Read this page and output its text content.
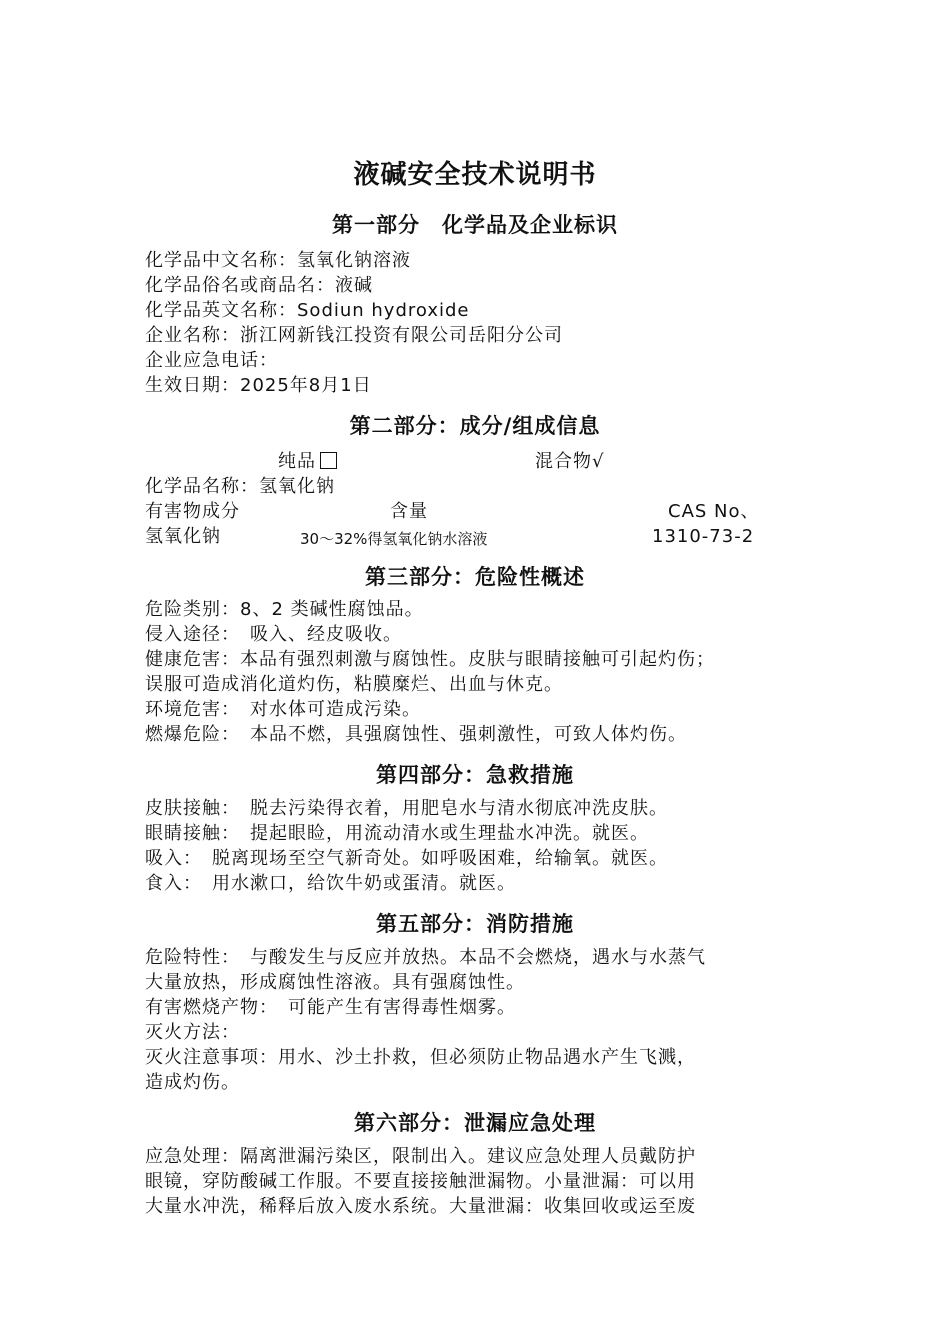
液碱安全技术说明书
第一部分　化学品及企业标识
化学品中文名称：氢氧化钠溶液
化学品俗名或商品名：液碱
化学品英文名称：Sodiun hydroxide
企业名称：浙江网新钱江投资有限公司岳阳分公司
企业应急电话：
生效日期：2025年8月1日
第二部分：成分/组成信息
纯品	混合物√
化学品名称：氢氧化钠
有害物成分	含量	CAS No、
氢氧化钠	30～32%得氢氧化钠水溶液	1310-73-2
第三部分：危险性概述
危险类别：8、2 类碱性腐蚀品。
侵入途径：　吸入、经皮吸收。
健康危害：本品有强烈刺激与腐蚀性。皮肤与眼睛接触可引起灼伤；
误服可造成消化道灼伤，粘膜糜烂、出血与休克。
环境危害：　对水体可造成污染。
燃爆危险：　本品不燃，具强腐蚀性、强刺激性，可致人体灼伤。
第四部分：急救措施
皮肤接触：　脱去污染得衣着，用肥皂水与清水彻底冲洗皮肤。
眼睛接触：　提起眼睑，用流动清水或生理盐水冲洗。就医。
吸入：　脱离现场至空气新奇处。如呼吸困难，给输氧。就医。
食入：　用水漱口，给饮牛奶或蛋清。就医。
第五部分：消防措施
危险特性：　与酸发生与反应并放热。本品不会燃烧，遇水与水蒸气
大量放热，形成腐蚀性溶液。具有强腐蚀性。
有害燃烧产物：　可能产生有害得毒性烟雾。
灭火方法：
灭火注意事项：用水、沙土扑救，但必须防止物品遇水产生飞溅，
造成灼伤。
第六部分：泄漏应急处理
应急处理：隔离泄漏污染区，限制出入。建议应急处理人员戴防护
眼镜，穿防酸碱工作服。不要直接接触泄漏物。小量泄漏：可以用
大量水冲洗，稀释后放入废水系统。大量泄漏：收集回收或运至废
